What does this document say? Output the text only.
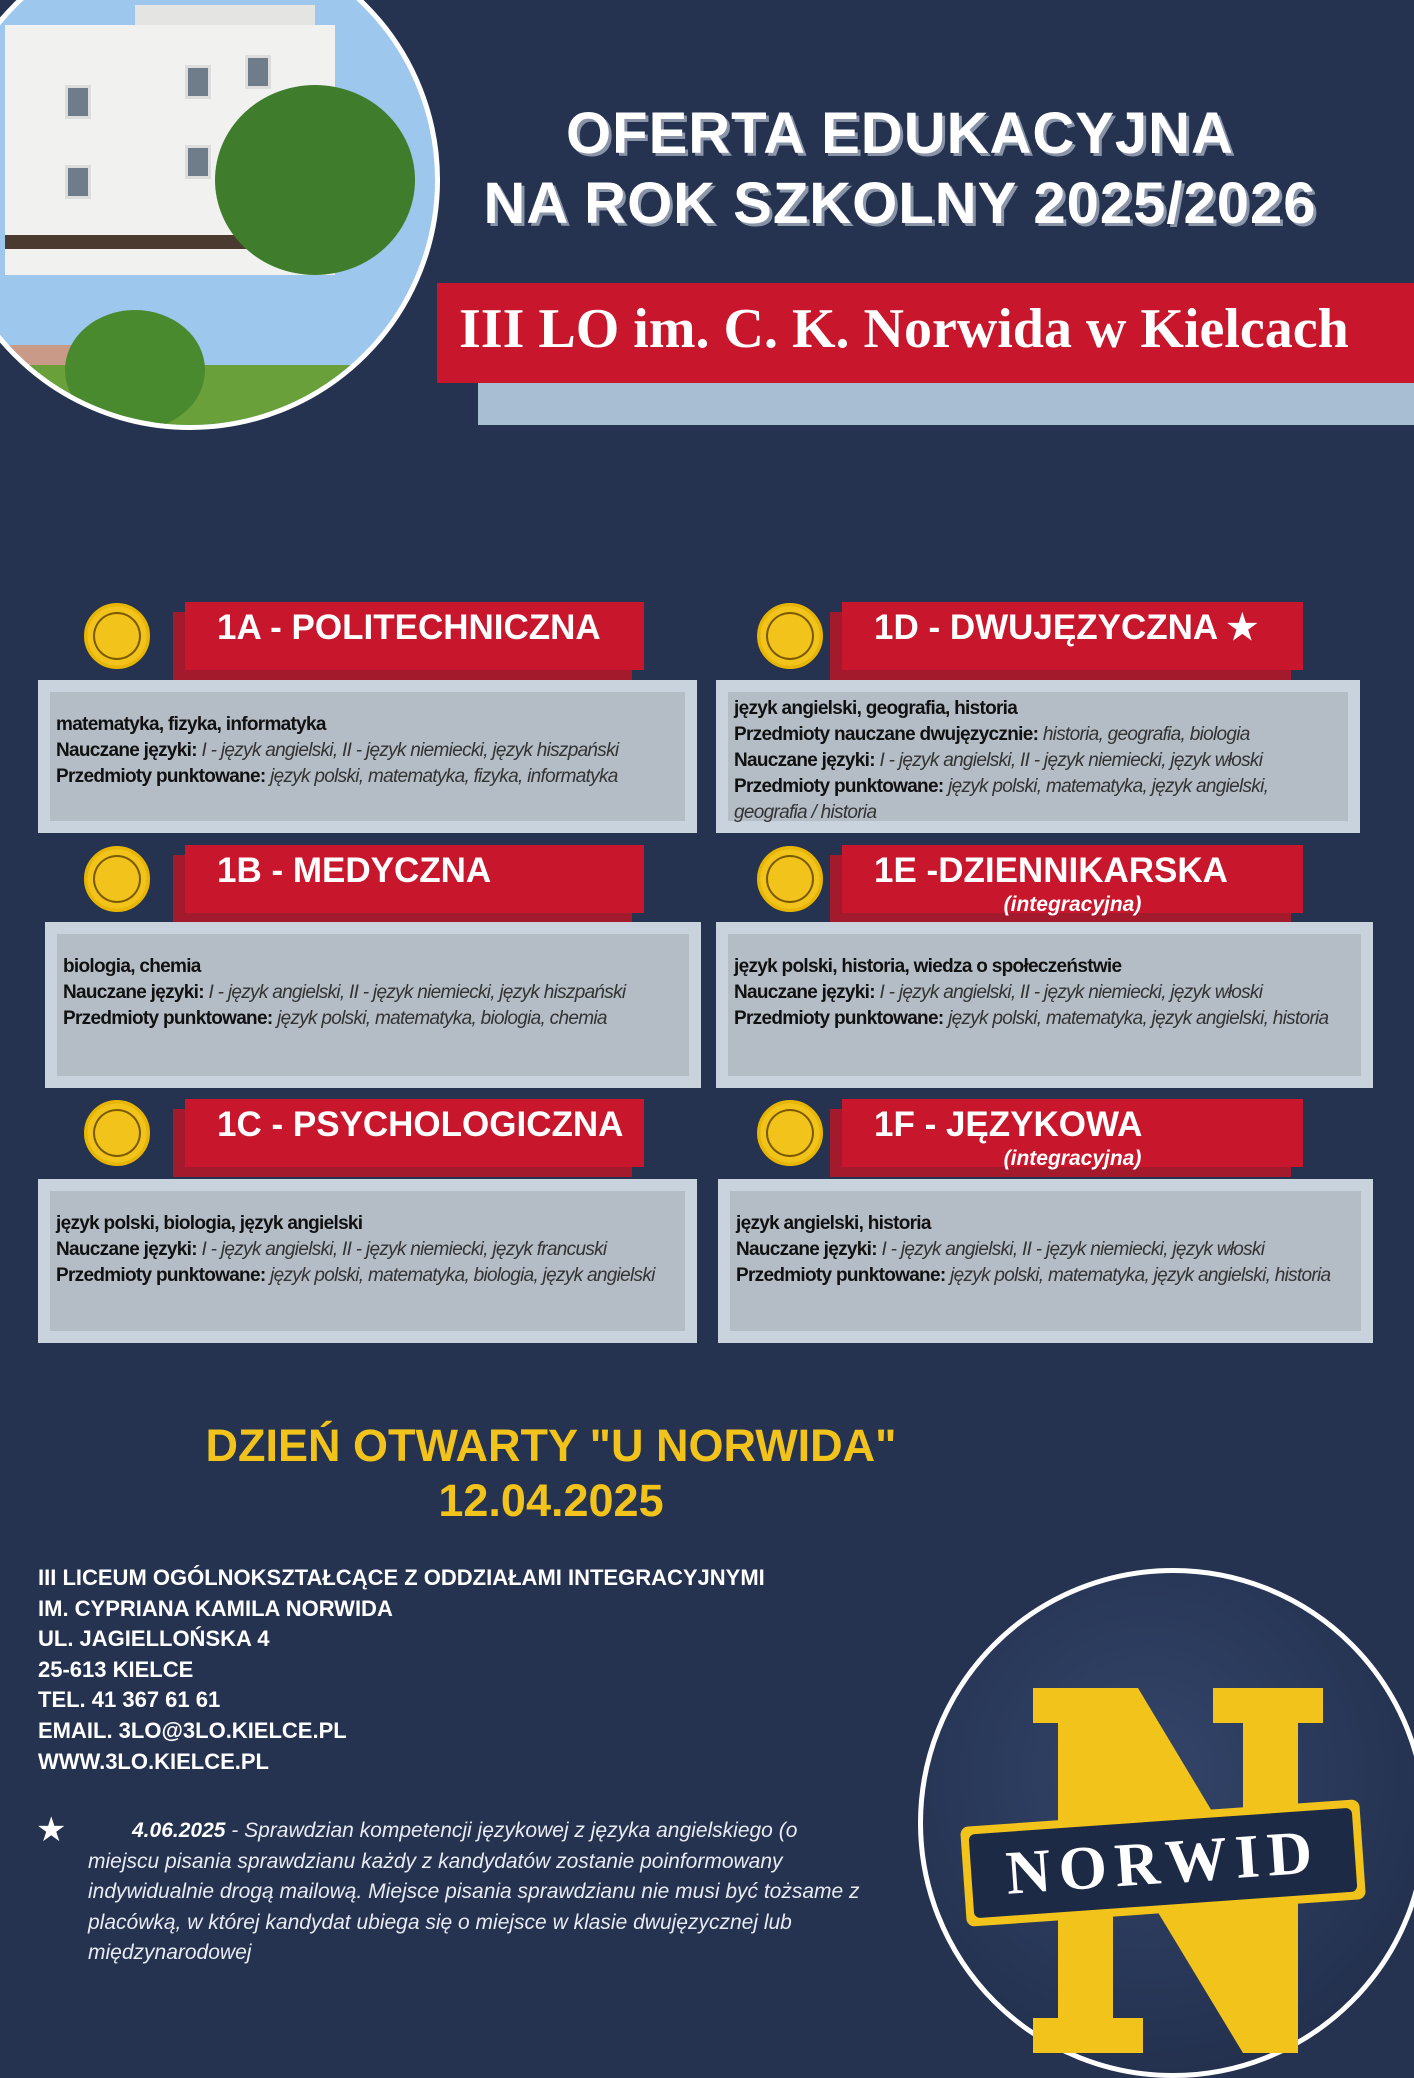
OFERTA EDUKACYJNA
NA ROK SZKOLNY 2025/2026
III LO im. C. K. Norwida w Kielcach
1A - POLITECHNICZNA
matematyka, fizyka, informatyka
Nauczane języki: I - język angielski, II - język niemiecki, język hiszpański
Przedmioty punktowane: język polski, matematyka, fizyka, informatyka
1D - DWUJĘZYCZNA ★
język angielski, geografia, historia
Przedmioty nauczane dwujęzycznie: historia, geografia, biologia
Nauczane języki: I - język angielski, II - język niemiecki, język włoski
Przedmioty punktowane: język polski, matematyka, język angielski, geografia / historia
1B - MEDYCZNA
biologia, chemia
Nauczane języki: I - język angielski, II - język niemiecki, język hiszpański
Przedmioty punktowane: język polski, matematyka, biologia, chemia
1E -DZIENNIKARSKA
(integracyjna)
język polski, historia, wiedza o społeczeństwie
Nauczane języki: I - język angielski, II - język niemiecki, język włoski
Przedmioty punktowane: język polski, matematyka, język angielski, historia
1C - PSYCHOLOGICZNA
język polski, biologia, język angielski
Nauczane języki: I - język angielski, II - język niemiecki, język francuski
Przedmioty punktowane: język polski, matematyka, biologia, język angielski
1F - JĘZYKOWA
(integracyjna)
język angielski, historia
Nauczane języki: I - język angielski, II - język niemiecki, język włoski
Przedmioty punktowane: język polski, matematyka, język angielski, historia
DZIEŃ OTWARTY "U NORWIDA"
12.04.2025
III LICEUM OGÓLNOKSZTAŁCĄCE Z ODDZIAŁAMI INTEGRACYJNYMI
IM. CYPRIANA KAMILA NORWIDA
UL. JAGIELLOŃSKA 4
25-613 KIELCE
TEL. 41 367 61 61
EMAIL. 3LO@3LO.KIELCE.PL
WWW.3LO.KIELCE.PL
★	4.06.2025 - Sprawdzian kompetencji językowej z języka angielskiego (o miejscu pisania sprawdzianu każdy z kandydatów zostanie poinformowany indywidualnie drogą mailową. Miejsce pisania sprawdzianu nie musi być tożsame z placówką, w której kandydat ubiega się o miejsce w klasie dwujęzycznej lub międzynarodowej
NORWID
